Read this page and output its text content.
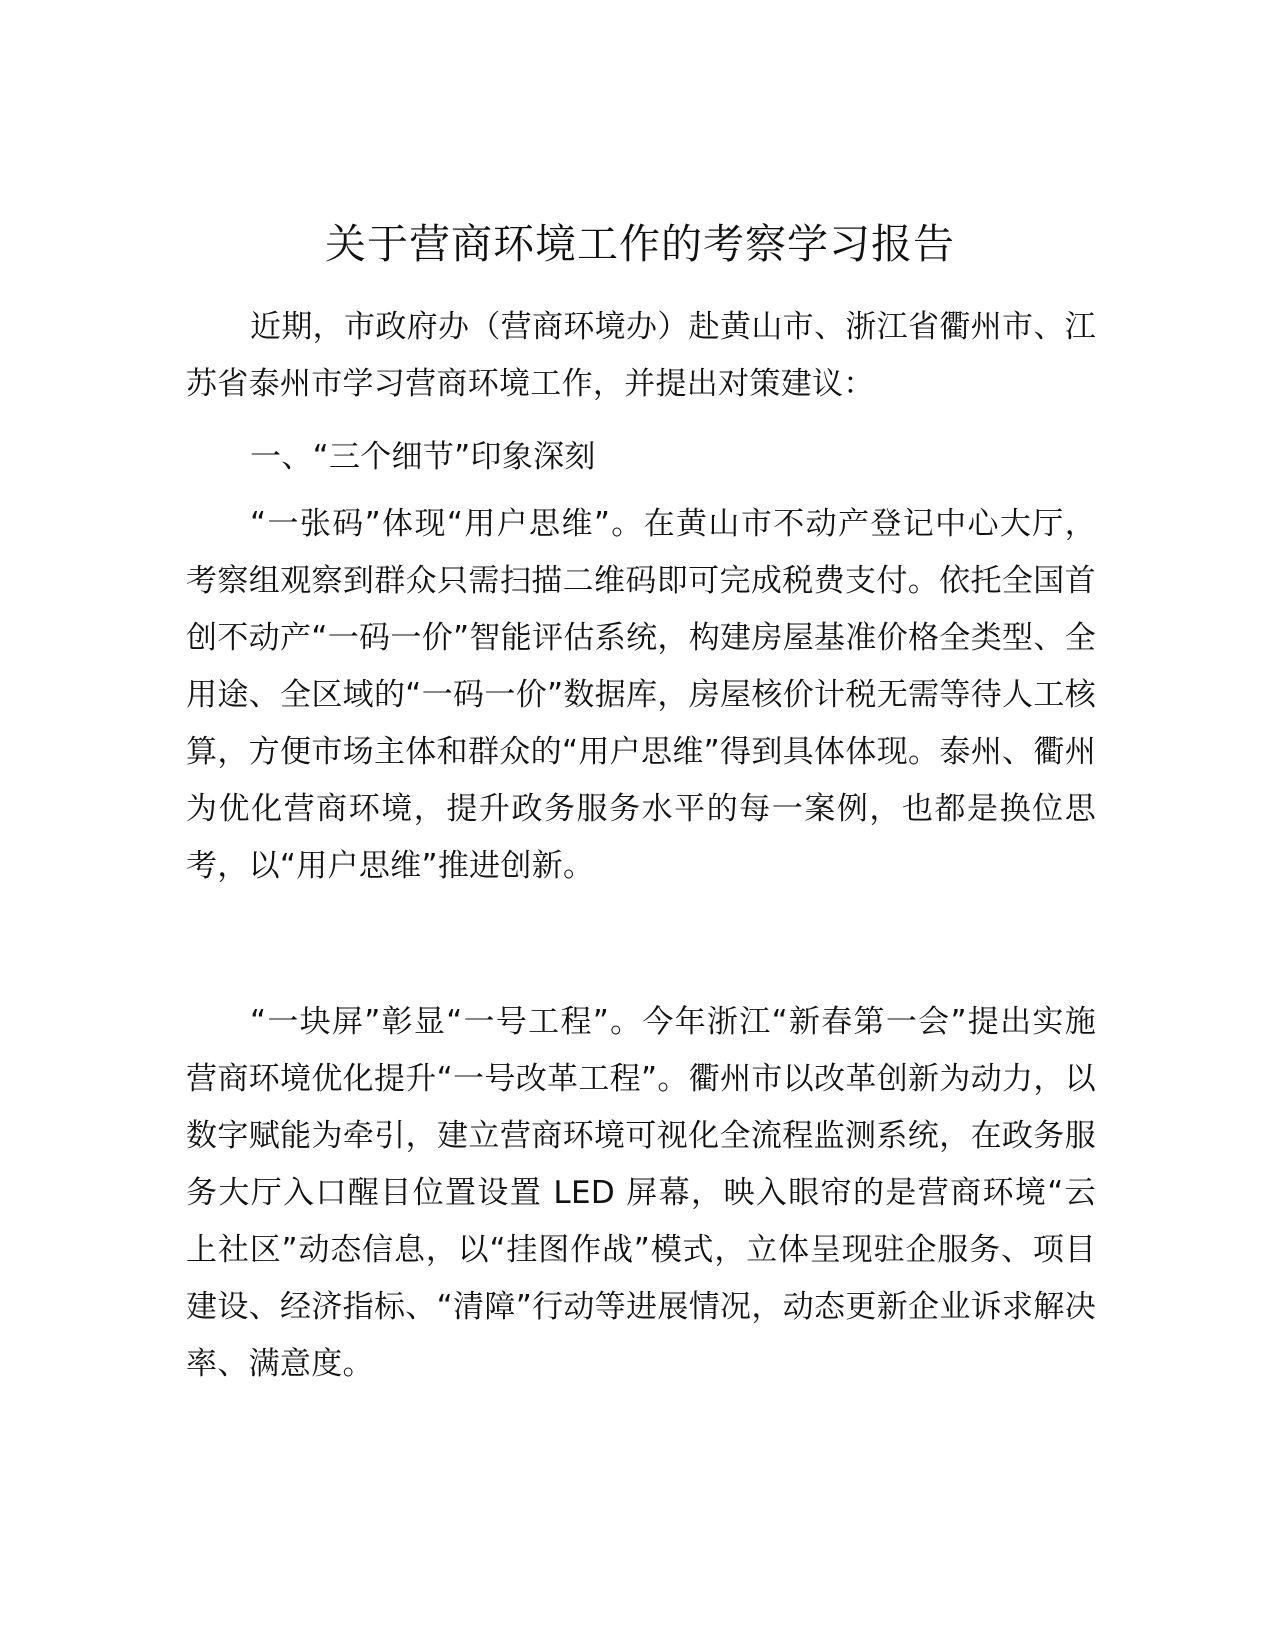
关于营商环境工作的考察学习报告

近期，市政府办（营商环境办）赴黄山市、浙江省衢州市、江苏省泰州市学习营商环境工作，并提出对策建议：

一、“三个细节”印象深刻

“一张码”体现“用户思维”。在黄山市不动产登记中心大厅，考察组观察到群众只需扫描二维码即可完成税费支付。依托全国首创不动产“一码一价”智能评估系统，构建房屋基准价格全类型、全用途、全区域的“一码一价”数据库，房屋核价计税无需等待人工核算，方便市场主体和群众的“用户思维”得到具体体现。泰州、衢州为优化营商环境，提升政务服务水平的每一案例，也都是换位思考，以“用户思维”推进创新。

“一块屏”彰显“一号工程”。今年浙江“新春第一会”提出实施营商环境优化提升“一号改革工程”。衢州市以改革创新为动力，以数字赋能为牵引，建立营商环境可视化全流程监测系统，在政务服务大厅入口醒目位置设置 LED 屏幕，映入眼帘的是营商环境“云上社区”动态信息，以“挂图作战”模式，立体呈现驻企服务、项目建设、经济指标、“清障”行动等进展情况，动态更新企业诉求解决率、满意度。
